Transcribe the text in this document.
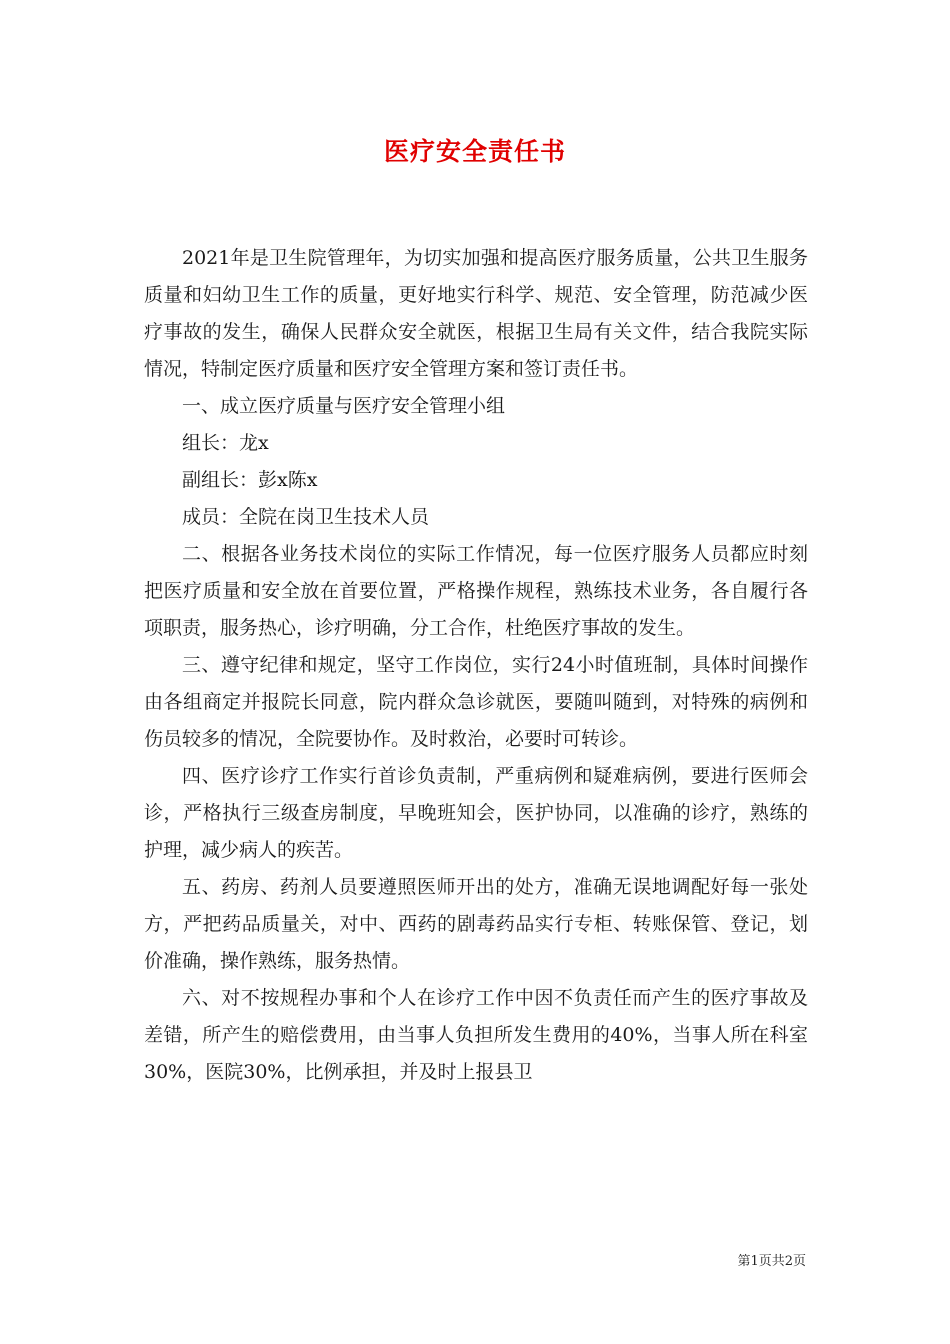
医疗安全责任书

2021年是卫生院管理年，为切实加强和提高医疗服务质量，公共卫生服务质量和妇幼卫生工作的质量，更好地实行科学、规范、安全管理，防范减少医疗事故的发生，确保人民群众安全就医，根据卫生局有关文件，结合我院实际情况，特制定医疗质量和医疗安全管理方案和签订责任书。

一、成立医疗质量与医疗安全管理小组

组长：龙x

副组长：彭x陈x

成员：全院在岗卫生技术人员

二、根据各业务技术岗位的实际工作情况，每一位医疗服务人员都应时刻把医疗质量和安全放在首要位置，严格操作规程，熟练技术业务，各自履行各项职责，服务热心，诊疗明确，分工合作，杜绝医疗事故的发生。

三、遵守纪律和规定，坚守工作岗位，实行24小时值班制，具体时间操作由各组商定并报院长同意，院内群众急诊就医，要随叫随到，对特殊的病例和伤员较多的情况，全院要协作。及时救治，必要时可转诊。

四、医疗诊疗工作实行首诊负责制，严重病例和疑难病例，要进行医师会诊，严格执行三级查房制度，早晚班知会，医护协同，以准确的诊疗，熟练的护理，减少病人的疾苦。

五、药房、药剂人员要遵照医师开出的处方，准确无误地调配好每一张处方，严把药品质量关，对中、西药的剧毒药品实行专柜、转账保管、登记，划价准确，操作熟练，服务热情。

六、对不按规程办事和个人在诊疗工作中因不负责任而产生的医疗事故及差错，所产生的赔偿费用，由当事人负担所发生费用的40%，当事人所在科室30%，医院30%，比例承担，并及时上报县卫

第1页共2页
